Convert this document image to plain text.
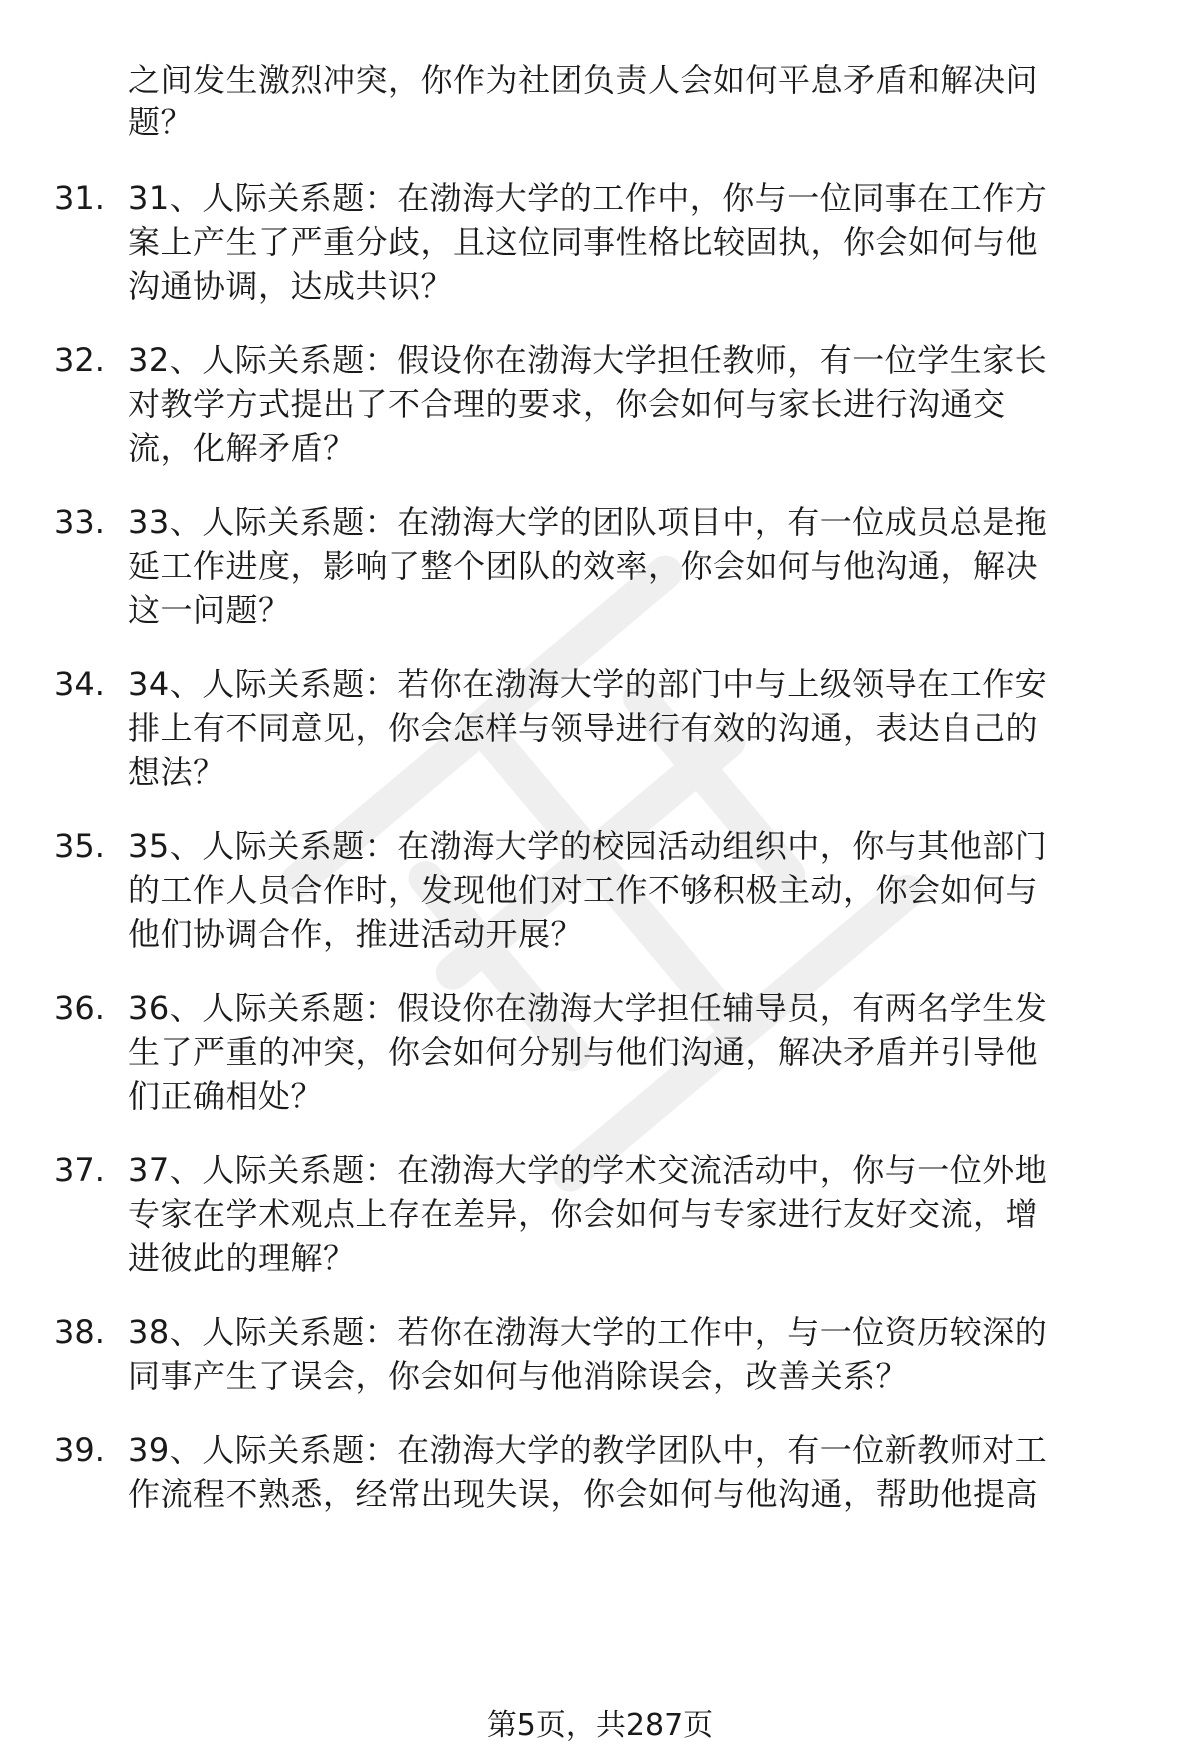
之间发生激烈冲突，你作为社团负责人会如何平息矛盾和解决问
题？
31. 31、人际关系题：在渤海大学的工作中，你与一位同事在工作方
案上产生了严重分歧，且这位同事性格比较固执，你会如何与他
沟通协调，达成共识？
32. 32、人际关系题：假设你在渤海大学担任教师，有一位学生家长
对教学方式提出了不合理的要求，你会如何与家长进行沟通交
流，化解矛盾？
33. 33、人际关系题：在渤海大学的团队项目中，有一位成员总是拖
延工作进度，影响了整个团队的效率，你会如何与他沟通，解决
这一问题？
34. 34、人际关系题：若你在渤海大学的部门中与上级领导在工作安
排上有不同意见，你会怎样与领导进行有效的沟通，表达自己的
想法？
35. 35、人际关系题：在渤海大学的校园活动组织中，你与其他部门
的工作人员合作时，发现他们对工作不够积极主动，你会如何与
他们协调合作，推进活动开展？
36. 36、人际关系题：假设你在渤海大学担任辅导员，有两名学生发
生了严重的冲突，你会如何分别与他们沟通，解决矛盾并引导他
们正确相处？
37. 37、人际关系题：在渤海大学的学术交流活动中，你与一位外地
专家在学术观点上存在差异，你会如何与专家进行友好交流，增
进彼此的理解？
38. 38、人际关系题：若你在渤海大学的工作中，与一位资历较深的
同事产生了误会，你会如何与他消除误会，改善关系？
39. 39、人际关系题：在渤海大学的教学团队中，有一位新教师对工
作流程不熟悉，经常出现失误，你会如何与他沟通，帮助他提高
第5页，共287页
